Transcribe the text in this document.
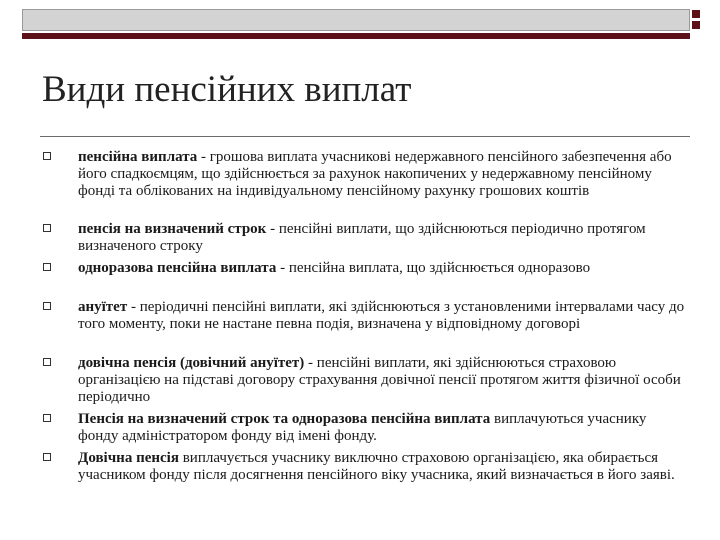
Види пенсійних виплат
пенсійна виплата - грошова виплата учасникові недержавного пенсійного забезпечення або його спадкоємцям, що здійснюється за рахунок накопичених у недержавному пенсійному фонді та облікованих на індивідуальному пенсійному рахунку грошових коштів
пенсія на визначений строк - пенсійні виплати, що здійснюються періодично протягом визначеного строку
одноразова пенсійна виплата - пенсійна виплата, що здійснюється одноразово
ануїтет - періодичні пенсійні виплати, які здійснюються з установленими інтервалами часу до того моменту, поки не настане певна подія, визначена у відповідному договорі
довічна пенсія (довічний ануїтет) - пенсійні виплати, які здійснюються страховою організацією на підставі договору страхування довічної пенсії протягом життя фізичної особи періодично
Пенсія на визначений строк та одноразова пенсійна виплата виплачуються учаснику фонду адміністратором фонду від імені фонду.
Довічна пенсія виплачується учаснику виключно страховою організацією, яка обирається учасником фонду після досягнення пенсійного віку учасника, який визначається в його заяві.
